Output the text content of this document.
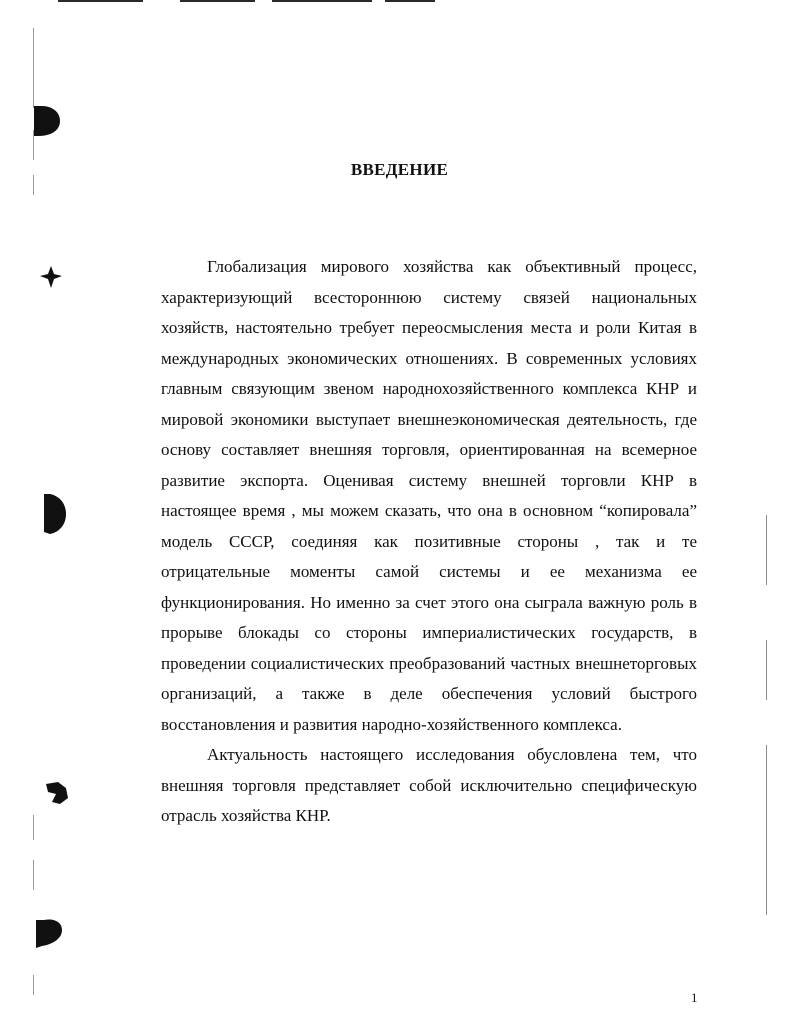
ВВЕДЕНИЕ

Глобализация мирового хозяйства как объективный процесс, характеризующий всестороннюю систему связей национальных хозяйств, настоятельно требует переосмысления места и роли Китая в международных экономических отношениях. В современных условиях главным связующим звеном народнохозяйственного комплекса КНР и мировой экономики выступает внешнеэкономическая деятельность, где основу составляет внешняя торговля, ориентированная на всемерное развитие экспорта. Оценивая систему внешней торговли КНР в настоящее время , мы можем сказать, что она в основном “копировала” модель СССР, соединяя как позитивные стороны , так и те отрицательные моменты самой системы и ее механизма ее функционирования. Но именно за счет этого она сыграла важную роль в прорыве блокады со стороны империалистических государств, в проведении социалистических преобразований частных внешнеторговых организаций, а также в деле обеспечения условий быстрого восстановления и развития народно-хозяйственного комплекса.

Актуальность настоящего исследования обусловлена тем, что внешняя торговля представляет собой исключительно специфическую отрасль хозяйства КНР.

1
